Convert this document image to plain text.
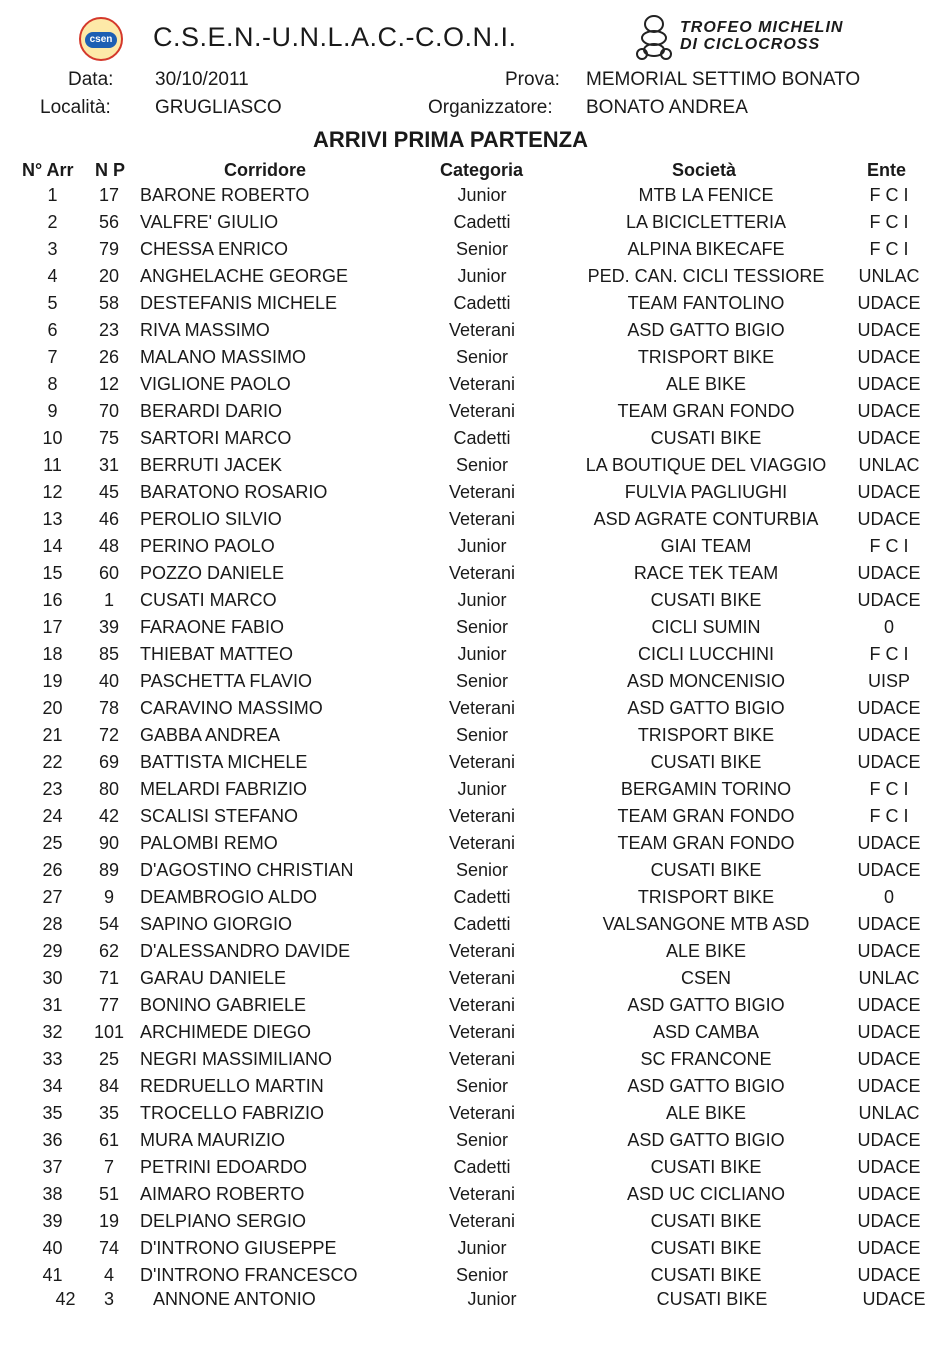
csen C.S.E.N.-U.N.L.A.C.-C.O.N.I.	TROFEO MICHELIN
DI CICLOCROSS
Data: 30/10/2011
Località: GRUGLIASCO
Prova: MEMORIAL SETTIMO BONATO
Organizzatore: BONATO ANDREA
ARRIVI PRIMA PARTENZA
N° Arr N P	Corridore	Categoria	Società	Ente
1	17	BARONE ROBERTO	Junior	MTB LA FENICE	F C I
2	56	VALFRE' GIULIO	Cadetti	LA BICICLETTERIA	F C I
3	79	CHESSA ENRICO	Senior	ALPINA BIKECAFE	F C I
4	20	ANGHELACHE GEORGE	Junior	PED. CAN. CICLI TESSIORE	UNLAC
5	58	DESTEFANIS MICHELE	Cadetti	TEAM FANTOLINO	UDACE
6	23	RIVA MASSIMO	Veterani	ASD GATTO BIGIO	UDACE
7	26	MALANO MASSIMO	Senior	TRISPORT BIKE	UDACE
8	12	VIGLIONE PAOLO	Veterani	ALE BIKE	UDACE
9	70	BERARDI DARIO	Veterani	TEAM GRAN FONDO	UDACE
10	75	SARTORI MARCO	Cadetti	CUSATI BIKE	UDACE
11	31	BERRUTI JACEK	Senior	LA BOUTIQUE DEL VIAGGIO	UNLAC
12	45	BARATONO ROSARIO	Veterani	FULVIA PAGLIUGHI	UDACE
13	46	PEROLIO SILVIO	Veterani	ASD AGRATE CONTURBIA	UDACE
14	48	PERINO PAOLO	Junior	GIAI TEAM	F C I
15	60	POZZO DANIELE	Veterani	RACE TEK TEAM	UDACE
16	1	CUSATI MARCO	Junior	CUSATI BIKE	UDACE
17	39	FARAONE FABIO	Senior	CICLI SUMIN	0
18	85	THIEBAT MATTEO	Junior	CICLI LUCCHINI	F C I
19	40	PASCHETTA FLAVIO	Senior	ASD MONCENISIO	UISP
20	78	CARAVINO MASSIMO	Veterani	ASD GATTO BIGIO	UDACE
21	72	GABBA ANDREA	Senior	TRISPORT BIKE	UDACE
22	69	BATTISTA MICHELE	Veterani	CUSATI BIKE	UDACE
23	80	MELARDI FABRIZIO	Junior	BERGAMIN TORINO	F C I
24	42	SCALISI STEFANO	Veterani	TEAM GRAN FONDO	F C I
25	90	PALOMBI REMO	Veterani	TEAM GRAN FONDO	UDACE
26	89	D'AGOSTINO CHRISTIAN	Senior	CUSATI BIKE	UDACE
27	9	DEAMBROGIO ALDO	Cadetti	TRISPORT BIKE	0
28	54	SAPINO GIORGIO	Cadetti	VALSANGONE MTB ASD	UDACE
29	62	D'ALESSANDRO DAVIDE	Veterani	ALE BIKE	UDACE
30	71	GARAU DANIELE	Veterani	CSEN	UNLAC
31	77	BONINO GABRIELE	Veterani	ASD GATTO BIGIO	UDACE
32	101 ARCHIMEDE DIEGO	Veterani	ASD CAMBA	UDACE
33	25	NEGRI MASSIMILIANO	Veterani	SC FRANCONE	UDACE
34	84	REDRUELLO MARTIN	Senior	ASD GATTO BIGIO	UDACE
35	35	TROCELLO FABRIZIO	Veterani	ALE BIKE	UNLAC
36	61	MURA MAURIZIO	Senior	ASD GATTO BIGIO	UDACE
37	7	PETRINI EDOARDO	Cadetti	CUSATI BIKE	UDACE
38	51	AIMARO ROBERTO	Veterani	ASD UC CICLIANO	UDACE
39	19	DELPIANO SERGIO	Veterani	CUSATI BIKE	UDACE
40	74	D'INTRONO GIUSEPPE	Junior	CUSATI BIKE	UDACE
41	4	D'INTRONO FRANCESCO	Senior	CUSATI BIKE	UDACE
42	3	ANNONE ANTONIO	Junior	CUSATI BIKE	UDACE
